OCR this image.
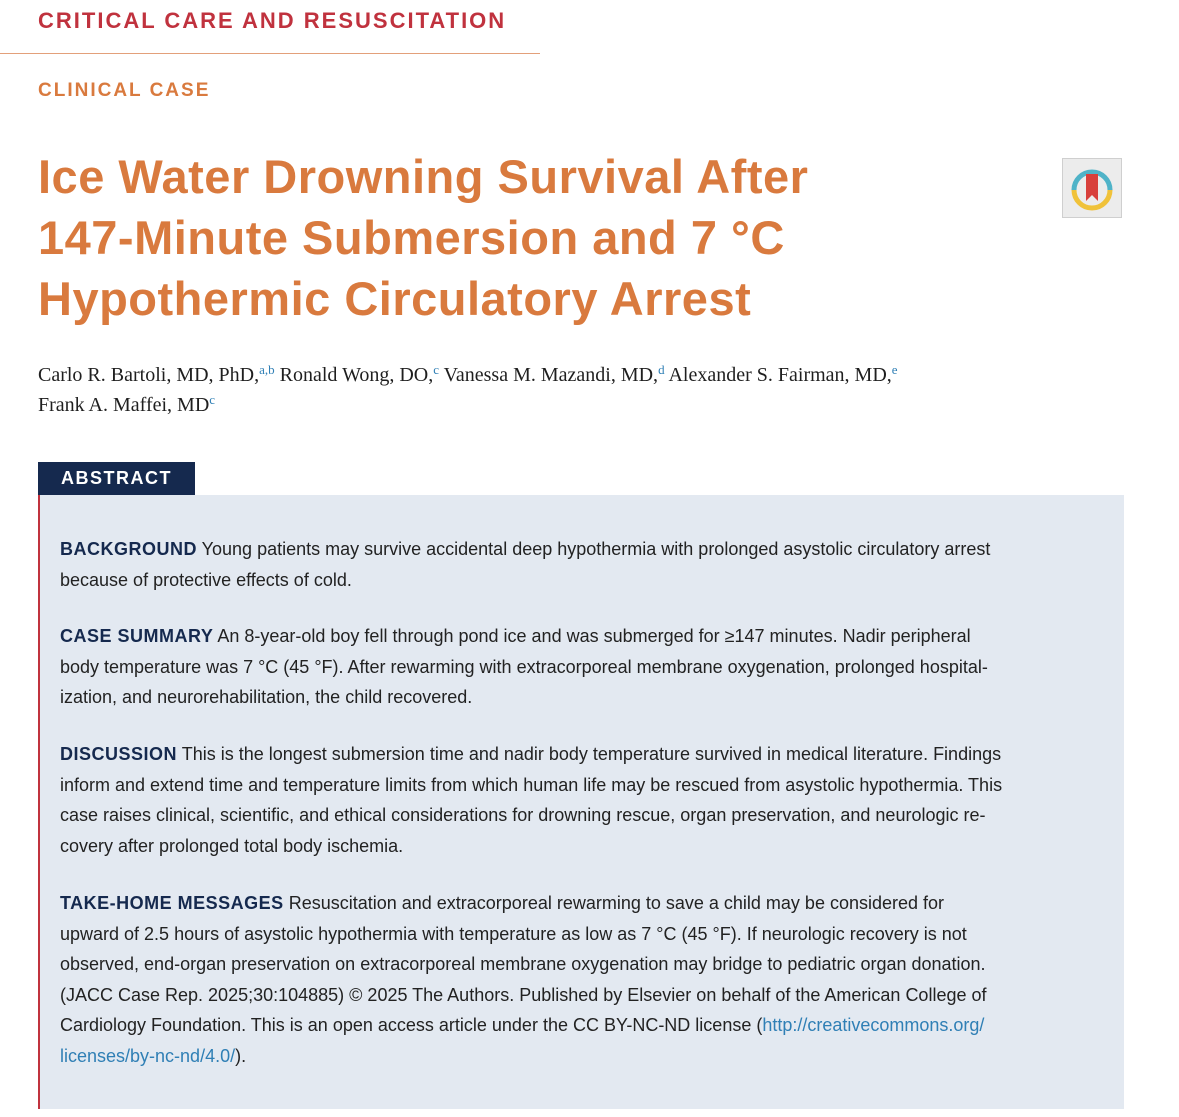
CRITICAL CARE AND RESUSCITATION
CLINICAL CASE
Ice Water Drowning Survival After
147-Minute Submersion and 7 °C
Hypothermic Circulatory Arrest
Carlo R. Bartoli, MD, PhD,$^{a,b}$ Ronald Wong, DO,$^c$ Vanessa M. Mazandi, MD,$^d$ Alexander S. Fairman, MD,$^e$
Frank A. Maffei, $MD^c$
ABSTRACT

BACKGROUND Young patients may survive accidental deep hypothermia with prolonged asystolic circulatory arrest
because of protective effects of cold.

CASE SUMMARY An 8-year-old boy fell through pond ice and was submerged for ≥147 minutes. Nadir peripheral
body temperature was 7 °C (45 °F). After rewarming with extracorporeal membrane oxygenation, prolonged hospital-
ization, and neurorehabilitation, the child recovered.

DISCUSSION This is the longest submersion time and nadir body temperature survived in medical literature. Findings
inform and extend time and temperature limits from which human life may be rescued from asystolic hypothermia. This
case raises clinical, scientific, and ethical considerations for drowning rescue, organ preservation, and neurologic re-
covery after prolonged total body ischemia.

TAKE-HOME MESSAGES Resuscitation and extracorporeal rewarming to save a child may be considered for
upward of 2.5 hours of asystolic hypothermia with temperature as low as 7 °C (45 °F). If neurologic recovery is not
observed, end-organ preservation on extracorporeal membrane oxygenation may bridge to pediatric organ donation.
(JACC Case Rep. 2025;30:104885) © 2025 The Authors. Published by Elsevier on behalf of the American College of
Cardiology Foundation. This is an open access article under the CC BY-NC-ND license (http://creativecommons.org/
licenses/by-nc-nd/4.0/).
